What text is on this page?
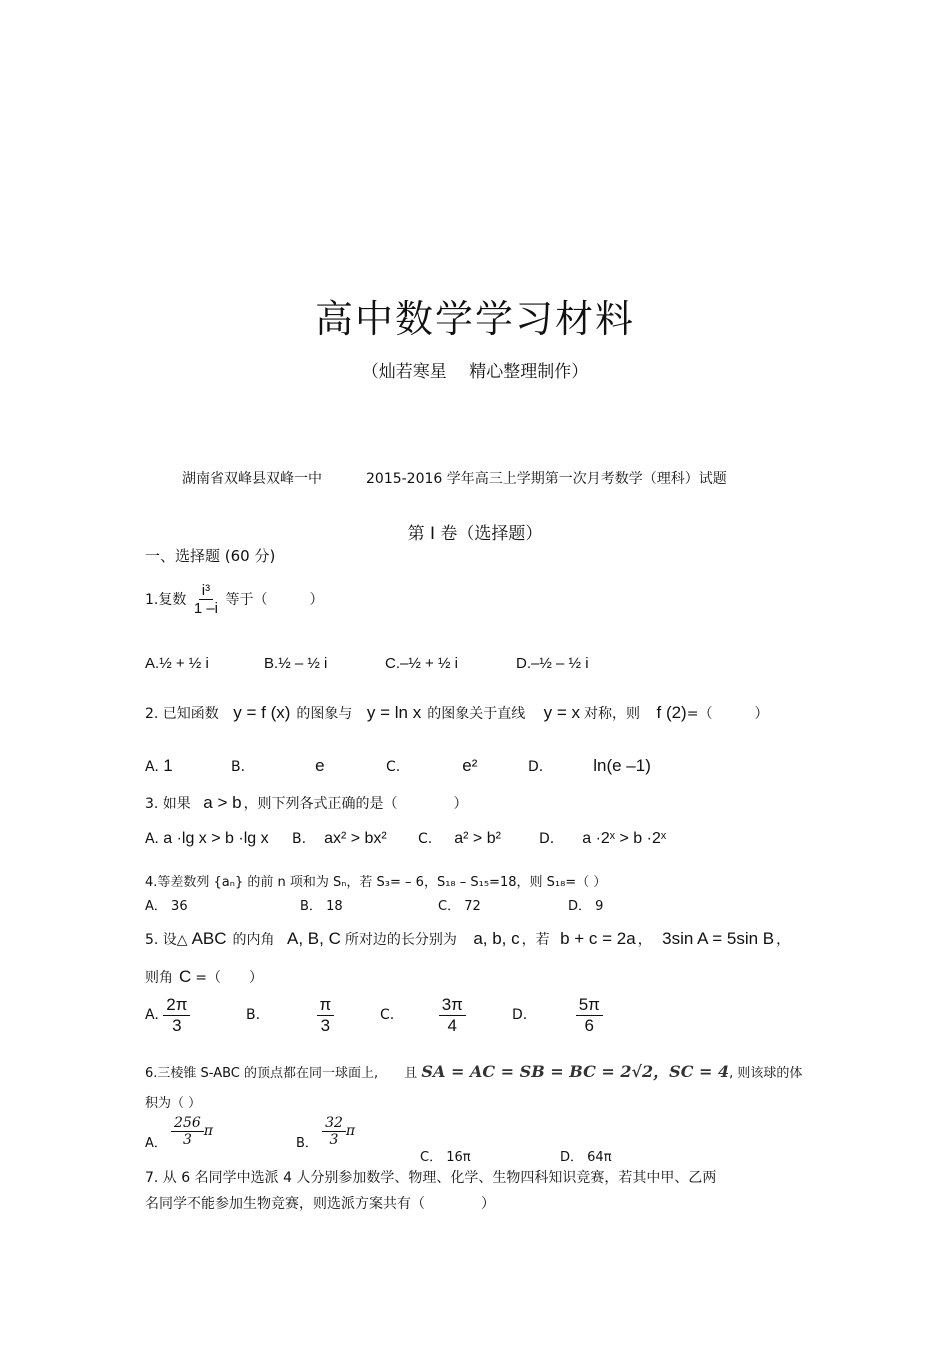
高中数学学习材料
（灿若寒星  精心整理制作）
湖南省双峰县双峰一中	2015-2016 学年高三上学期第一次月考数学（理科）试题
第 I 卷（选择题）
一、选择题 (60 分)
1.复数 $\frac{\text{i³}}{1 -i}$ 等于（　　　）
A.½ + ½ i	B.½ – ½ i	C.–½ + ½ i	D.–½ – ½ i
2. 已知函数 y = f (x) 的图象与 y = ln x 的图象关于直线 y = x 对称，则 f (2)=（　　　）
A. 1	B.	e	C.	e²	D.	ln(e –1)
3. 如果 a > b ，则下列各式正确的是（　　　　）
A. a ·lg x > b ·lg x B. ax² > bx² C. a² > b²	D. a ·2ˣ > b ·2ˣ
4.等差数列 {aₙ} 的前 n 项和为 Sₙ，若 S₃= – 6，S₁₈ – S₁₅=18，则 S₁₈=（ ）
A． 36	B． 18	C． 72	D． 9
5. 设△ ABC 的内角 A, B, C 所对边的长分别为 a, b, c ，若 b + c = 2a ， 3sin A = 5sin B ，
则角 C =（　　）
A. $\frac{2\pi}{3}$	B.	$\frac{\pi}{3}$	C.	$\frac{3\pi}{4}$	D.	$\frac{5\pi}{6}$
6.三棱锥 S-ABC 的顶点都在同一球面上, 且 SA = AC = SB = BC = 2√2，SC = 4, 则该球的体
积为（ ）
A． $\frac{256}{3}$ π
B． $\frac{32}{3}$ π
C． 16π	D． 64π
7. 从 6 名同学中选派 4 人分别参加数学、物理、化学、生物四科知识竞赛，若其中甲、乙两
名同学不能参加生物竞赛，则选派方案共有（　　　　）
